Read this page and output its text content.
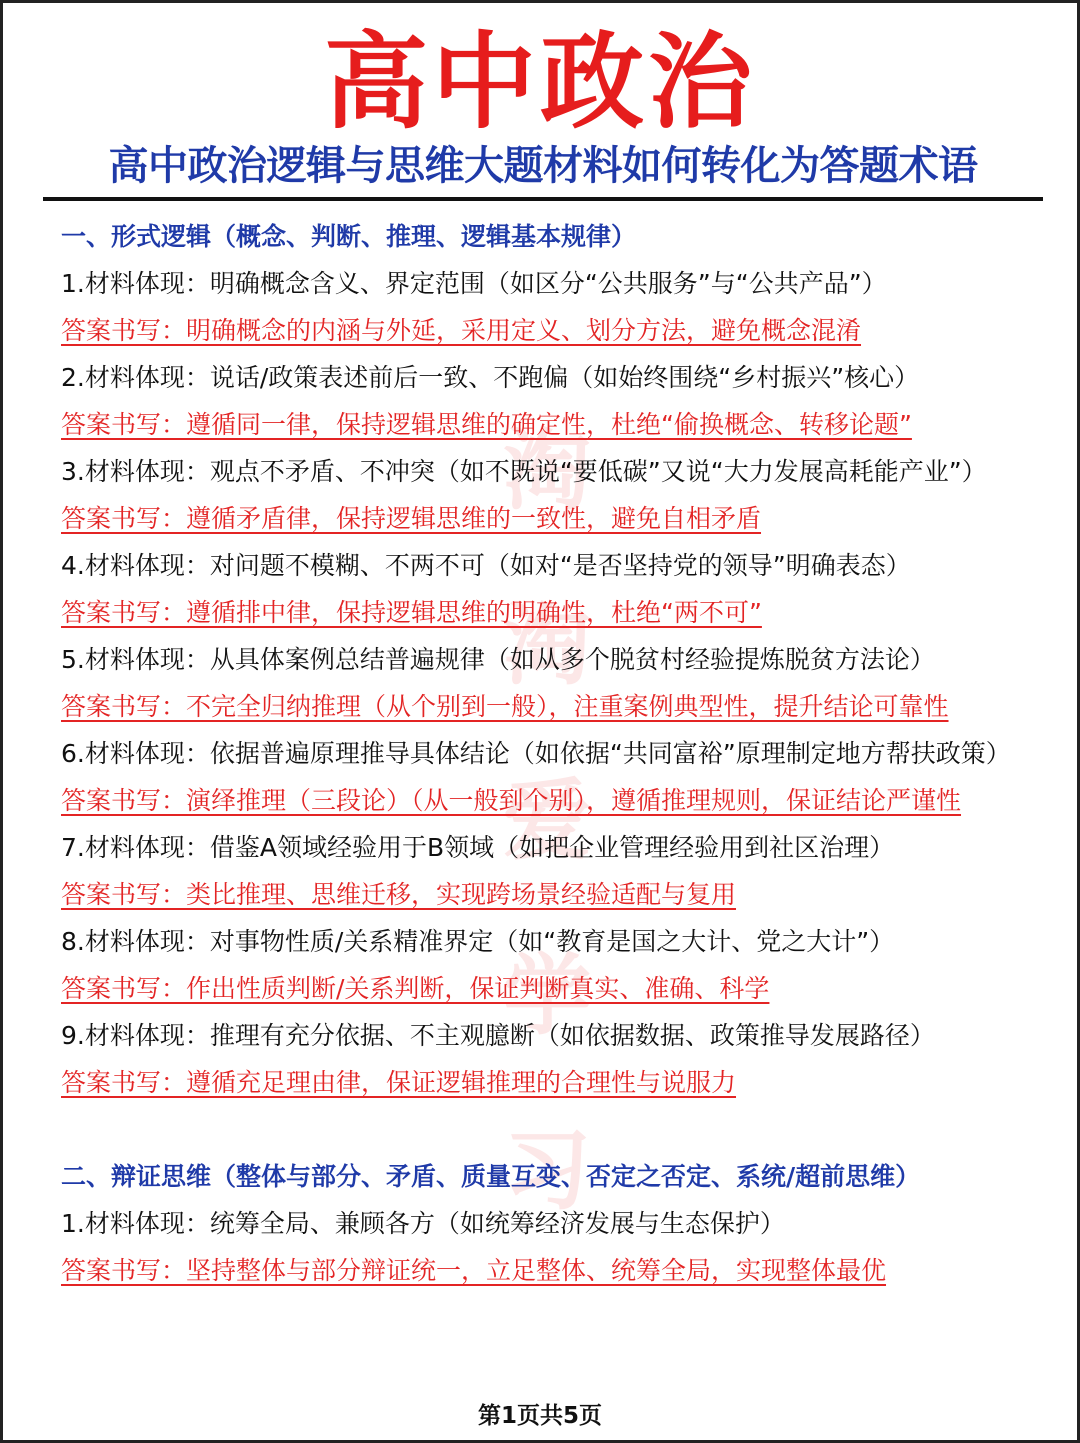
高中政治
高中政治逻辑与思维大题材料如何转化为答题术语
淘
淘
爱
学
习
一、形式逻辑（概念、判断、推理、逻辑基本规律）
1.材料体现：明确概念含义、界定范围（如区分“公共服务”与“公共产品”）
答案书写：明确概念的内涵与外延，采用定义、划分方法，避免概念混淆
2.材料体现：说话/政策表述前后一致、不跑偏（如始终围绕“乡村振兴”核心）
答案书写：遵循同一律，保持逻辑思维的确定性，杜绝“偷换概念、转移论题”
3.材料体现：观点不矛盾、不冲突（如不既说“要低碳”又说“大力发展高耗能产业”）
答案书写：遵循矛盾律，保持逻辑思维的一致性，避免自相矛盾
4.材料体现：对问题不模糊、不两不可（如对“是否坚持党的领导”明确表态）
答案书写：遵循排中律，保持逻辑思维的明确性，杜绝“两不可”
5.材料体现：从具体案例总结普遍规律（如从多个脱贫村经验提炼脱贫方法论）
答案书写：不完全归纳推理（从个别到一般），注重案例典型性，提升结论可靠性
6.材料体现：依据普遍原理推导具体结论（如依据“共同富裕”原理制定地方帮扶政策）
答案书写：演绎推理（三段论）（从一般到个别），遵循推理规则，保证结论严谨性
7.材料体现：借鉴A领域经验用于B领域（如把企业管理经验用到社区治理）
答案书写：类比推理、思维迁移，实现跨场景经验适配与复用
8.材料体现：对事物性质/关系精准界定（如“教育是国之大计、党之大计”）
答案书写：作出性质判断/关系判断，保证判断真实、准确、科学
9.材料体现：推理有充分依据、不主观臆断（如依据数据、政策推导发展路径）
答案书写：遵循充足理由律，保证逻辑推理的合理性与说服力
二、辩证思维（整体与部分、矛盾、质量互变、否定之否定、系统/超前思维）
1.材料体现：统筹全局、兼顾各方（如统筹经济发展与生态保护）
答案书写：坚持整体与部分辩证统一，立足整体、统筹全局，实现整体最优
第1页共5页
